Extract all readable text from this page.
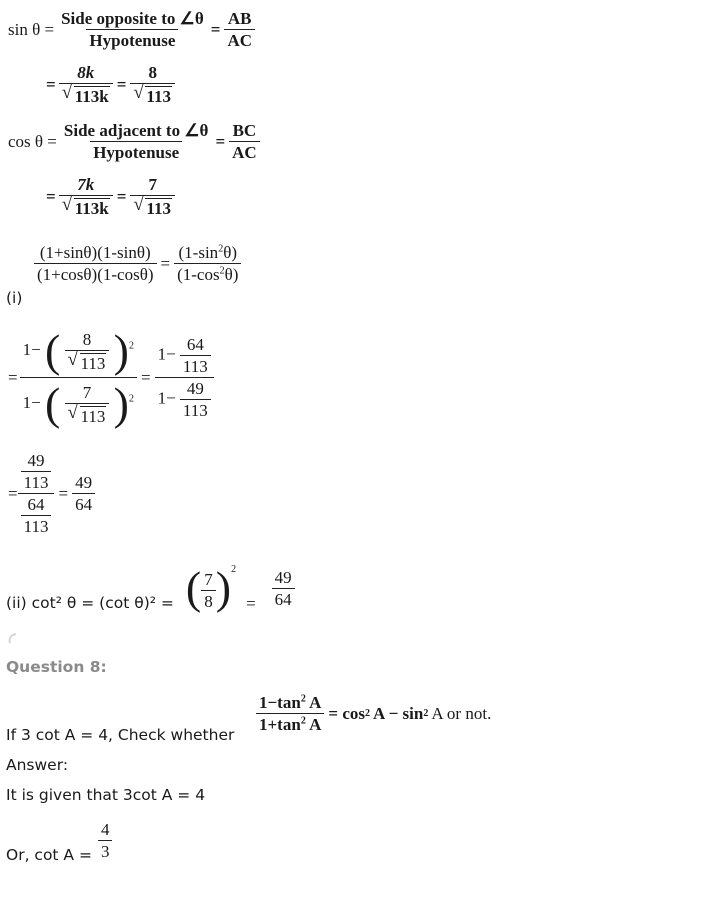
$\sin \theta = \frac{\text{Side opposite to ∠θ}}{\text{Hypotenuse}} = \frac{AB}{AC}$
= $\frac{8k}{√ 113k} = \frac{8}{√ 113}$
$\cos \theta = \frac{\text{Side adjacent to ∠θ}}{\text{Hypotenuse}} = \frac{BC}{AC}$
= $\frac{7k}{√ 113k} = \frac{7}{√ 113}$
$\frac{(1+\sin\theta)(1-\sin\theta)}{(1+\cos\theta)(1-\cos\theta)} = \frac{(1-\sin^2\theta)}{(1-\cos^2\theta)}$
(i)
= $\frac{1- ( \frac{8}{√ 113} )^2}{1- ( \frac{7}{√ 113} )^2} = \frac{1- \frac{64}{113}}{1- \frac{49}{113}}$
= $\frac{\frac{49}{113}}{\frac{64}{113}} = \frac{49}{64}$
(ii) cot² θ = (cot θ)² = ( $\frac{7}{8} )^2$
= $\frac{49}{64}$
Question 8:
If 3 cot A = 4, Check whether
$\frac{1-\tan^2 A}{1+\tan^2 A} = \cos 2$ A − sin 2 A or not.
Answer:
It is given that 3cot A = 4
Or, $\cot A = \frac{4}{3}$
